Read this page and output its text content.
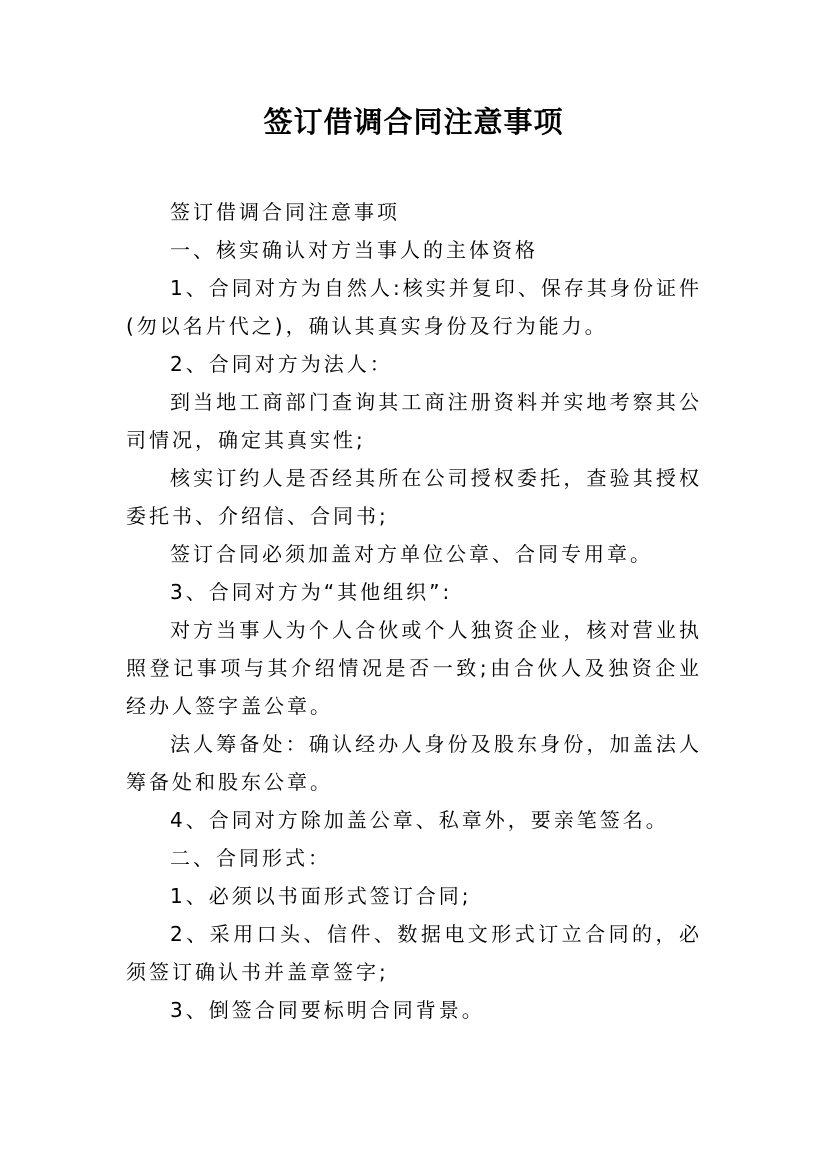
签订借调合同注意事项

签订借调合同注意事项

一、核实确认对方当事人的主体资格

1、合同对方为自然人:核实并复印、保存其身份证件(勿以名片代之)，确认其真实身份及行为能力。

2、合同对方为法人：

到当地工商部门查询其工商注册资料并实地考察其公司情况，确定其真实性;

核实订约人是否经其所在公司授权委托，查验其授权委托书、介绍信、合同书;

签订合同必须加盖对方单位公章、合同专用章。

3、合同对方为“其他组织”:

对方当事人为个人合伙或个人独资企业，核对营业执照登记事项与其介绍情况是否一致;由合伙人及独资企业经办人签字盖公章。

法人筹备处：确认经办人身份及股东身份，加盖法人筹备处和股东公章。

4、合同对方除加盖公章、私章外，要亲笔签名。

二、合同形式：

1、必须以书面形式签订合同;

2、采用口头、信件、数据电文形式订立合同的，必须签订确认书并盖章签字;

3、倒签合同要标明合同背景。
